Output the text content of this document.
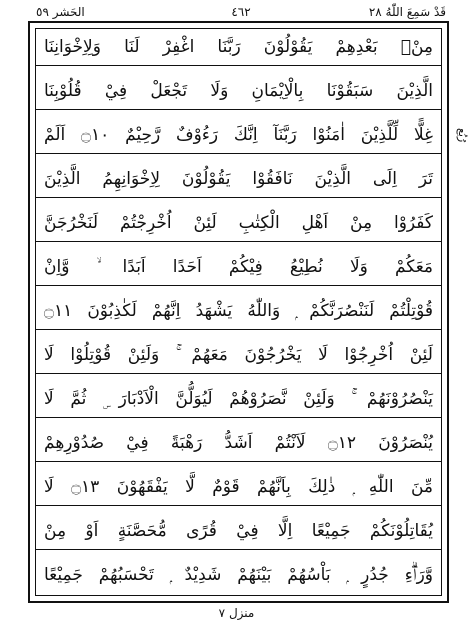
قَدْ سَمِعَ اللّٰهُ ٢٨
٤٦٢
الحَشر ٥٩
مِنْۢ بَعْدِهِمْ يَقُوْلُوْنَ رَبَّنَا اغْفِرْ لَنَا وَلِاِخْوَانِنَا
الَّذِيْنَ سَبَقُوْنَا بِالْاِيْمَانِ وَلَا تَجْعَلْ فِيْ قُلُوْبِنَا
غِلًّا لِّلَّذِيْنَ اٰمَنُوْا رَبَّنَآ اِنَّكَ رَءُوْفٌ رَّحِيْمٌ ۝١٠ اَلَمْ
تَرَ اِلَى الَّذِيْنَ نَافَقُوْا يَقُوْلُوْنَ لِاِخْوَانِهِمُ الَّذِيْنَ
كَفَرُوْا مِنْ اَهْلِ الْكِتٰبِ لَئِنْ اُخْرِجْتُمْ لَنَخْرُجَنَّ
مَعَكُمْ وَلَا نُطِيْعُ فِيْكُمْ اَحَدًا اَبَدًا ۙ وَّاِنْ
قُوْتِلْتُمْ لَنَنْصُرَنَّكُمْ ۭ وَاللّٰهُ يَشْهَدُ اِنَّهُمْ لَكٰذِبُوْنَ ۝١١
لَئِنْ اُخْرِجُوْا لَا يَخْرُجُوْنَ مَعَهُمْ ۚ وَلَئِنْ قُوْتِلُوْا لَا
يَنْصُرُوْنَهُمْ ۚ وَلَئِنْ نَّصَرُوْهُمْ لَيُوَلُّنَّ الْاَدْبَارَ ۣ ثُمَّ لَا
يُنْصَرُوْنَ ۝١٢ لَاَنْتُمْ اَشَدُّ رَهْبَةً فِيْ صُدُوْرِهِمْ
مِّنَ اللّٰهِ ۭ ذٰلِكَ بِاَنَّهُمْ قَوْمٌ لَّا يَفْقَهُوْنَ ۝١٣ لَا
يُقَاتِلُوْنَكُمْ جَمِيْعًا اِلَّا فِيْ قُرًى مُّحَصَّنَةٍ اَوْ مِنْ
وَّرَاۗءِ جُدُرٍ ۭ بَاْسُهُمْ بَيْنَهُمْ شَدِيْدٌ ۭ تَحْسَبُهُمْ جَمِيْعًا
رُبُع
منزل ٧
